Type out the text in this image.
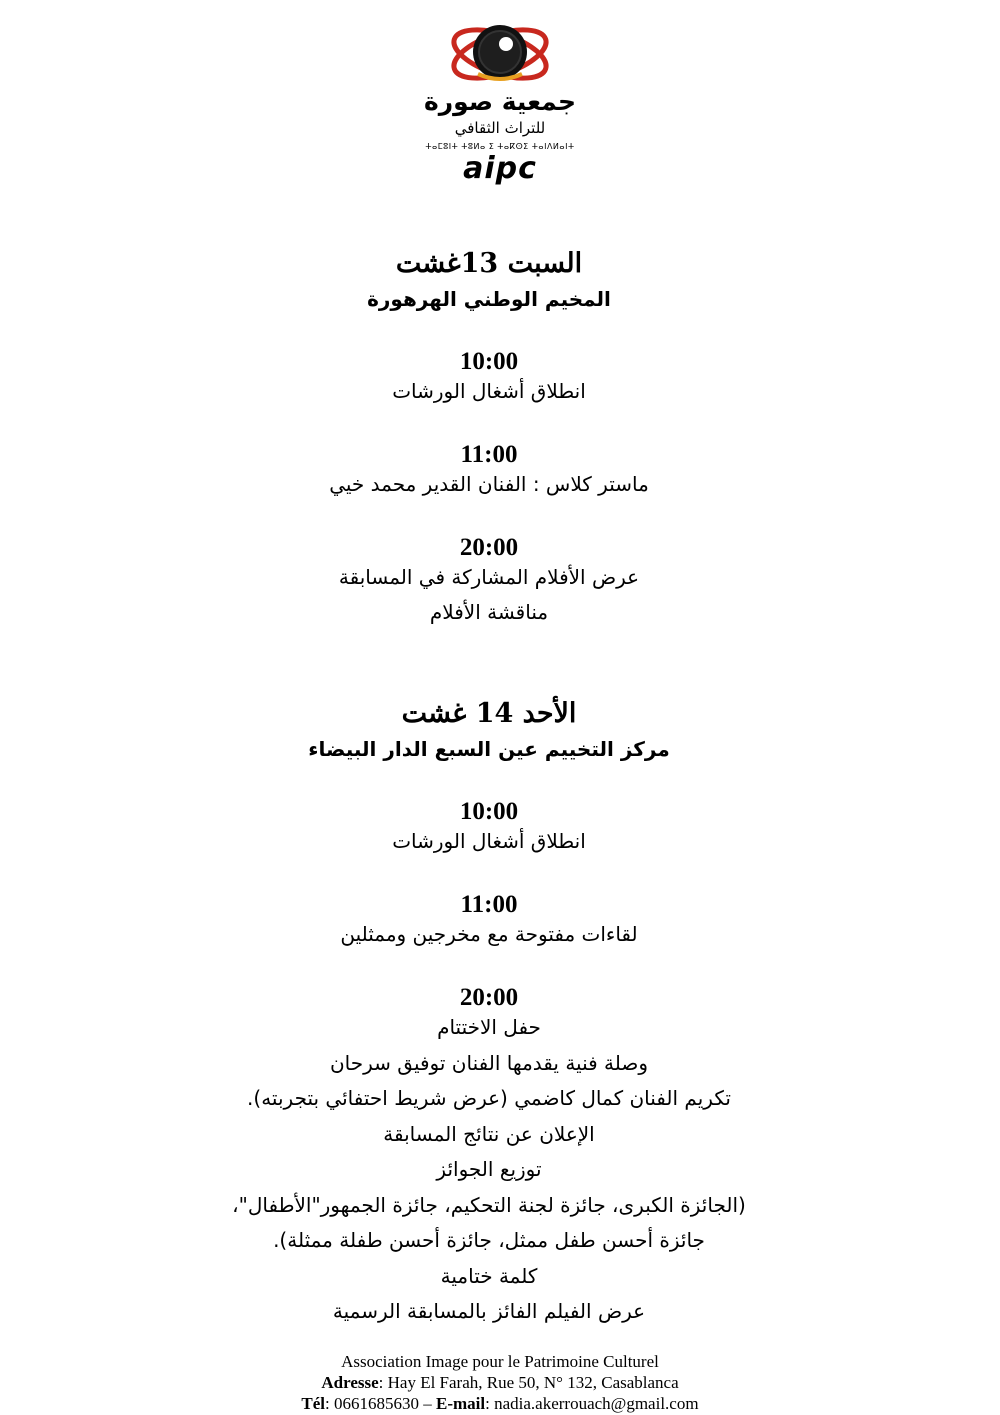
جمعية صورة
للتراث الثقافي
ⵜⴰⵎⵓⵏⵜ ⵜⵓⵍⴰ ⵉ ⵜⴰⴽⵙⵉ ⵜⴰⵏⴷⵍⴰⵏⵜ
aipc
السبت 13غشت
المخيم الوطني الهرهورة
10:00
انطلاق أشغال الورشات
11:00
ماستر كلاس : الفنان القدير محمد خيي
20:00
عرض الأفلام المشاركة في المسابقة
مناقشة الأفلام
الأحد 14 غشت
مركز التخييم عين السبع الدار البيضاء
10:00
انطلاق أشغال الورشات
11:00
لقاءات مفتوحة مع مخرجين وممثلين
20:00
حفل الاختتام
وصلة فنية يقدمها الفنان توفيق سرحان
تكريم الفنان كمال كاضمي (عرض شريط احتفائي بتجربته).
الإعلان عن نتائج المسابقة
توزيع الجوائز
(الجائزة الكبرى، جائزة لجنة التحكيم، جائزة الجمهور"الأطفال"،
جائزة أحسن طفل ممثل، جائزة أحسن طفلة ممثلة).
كلمة ختامية
عرض الفيلم الفائز بالمسابقة الرسمية
Association Image pour le Patrimoine Culturel
Adresse: Hay El Farah, Rue 50, N° 132, Casablanca
Tél: 0661685630 – E-mail: nadia.akerrouach@gmail.com
